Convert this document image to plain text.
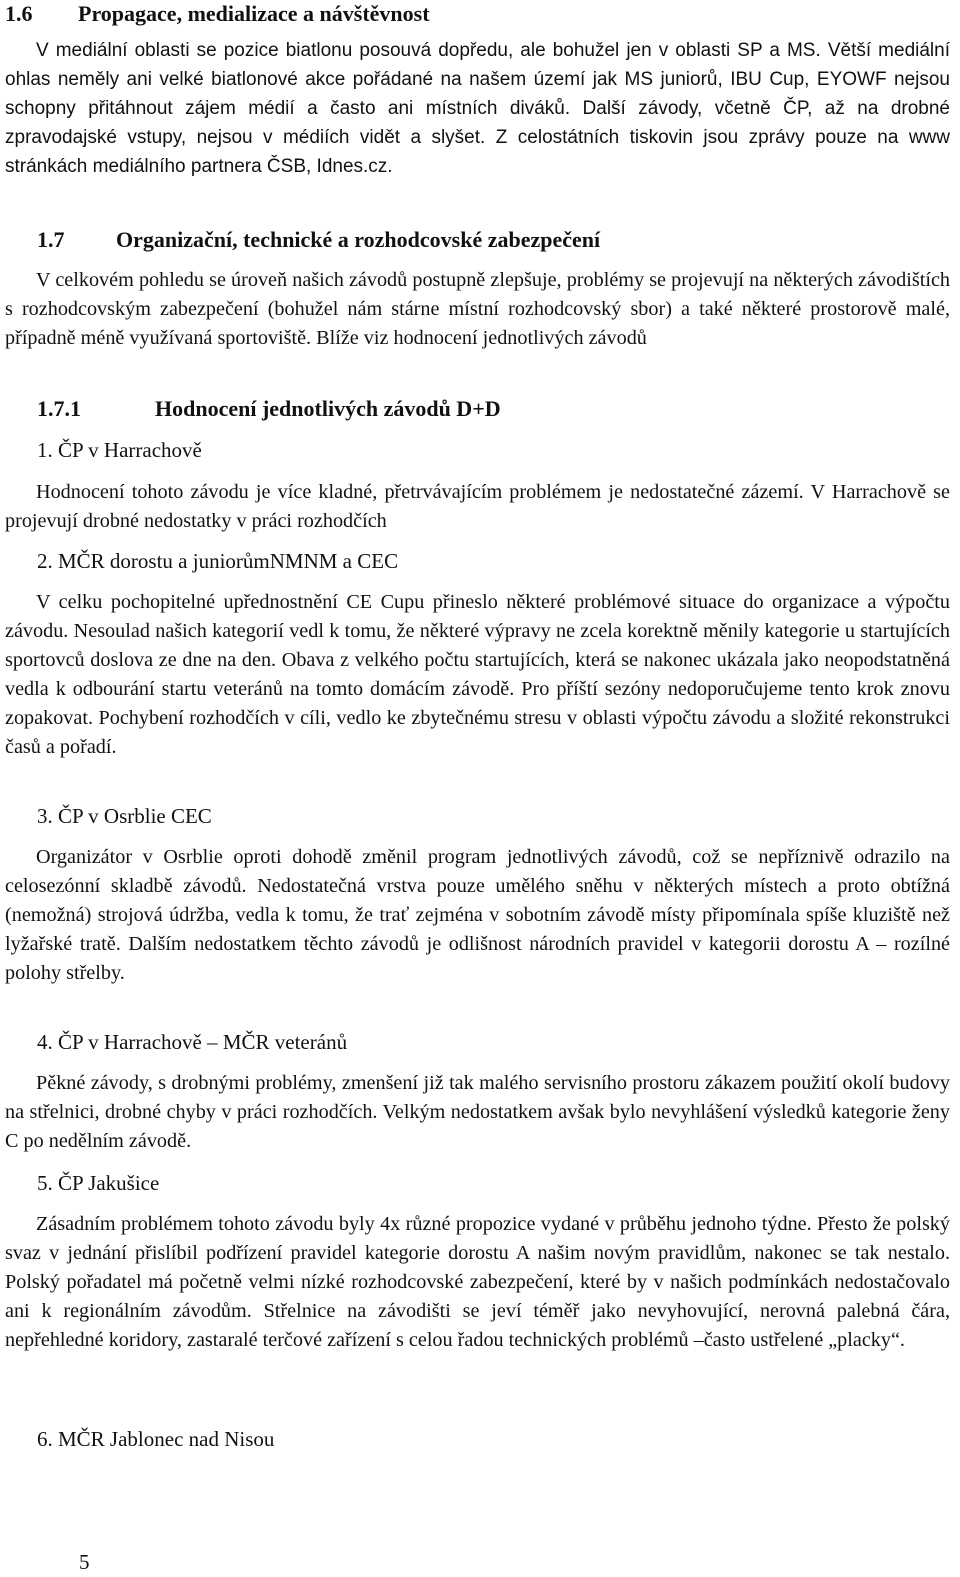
1.6 Propagace, medializace a návštěvnost

V mediální oblasti se pozice biatlonu posouvá dopředu, ale bohužel jen v oblasti SP a MS. Větší mediální ohlas neměly ani velké biatlonové akce pořádané na našem území jak MS juniorů, IBU Cup, EYOWF nejsou schopny přitáhnout zájem médií a často ani místních diváků. Další závody, včetně ČP, až na drobné zpravodajské vstupy, nejsou v médiích vidět a slyšet. Z celostátních tiskovin jsou zprávy pouze na www stránkách mediálního partnera ČSB, Idnes.cz.

1.7 Organizační, technické a rozhodcovské zabezpečení

V celkovém pohledu se úroveň našich závodů postupně zlepšuje, problémy se projevují na některých závodištích s rozhodcovským zabezpečení (bohužel nám stárne místní rozhodcovský sbor) a také některé prostorově malé, případně méně využívaná sportoviště. Blíže viz hodnocení jednotlivých závodů

1.7.1	Hodnocení jednotlivých závodů D+D
1. ČP v Harrachově

Hodnocení tohoto závodu je více kladné, přetrvávajícím problémem je nedostatečné zázemí. V Harrachově se projevují drobné nedostatky v práci rozhodčích

2. MČR dorostu a juniorůmNMNM a CEC

V celku pochopitelné upřednostnění CE Cupu přineslo některé problémové situace do organizace a výpočtu závodu. Nesoulad našich kategorií vedl k tomu, že některé výpravy ne zcela korektně měnily kategorie u startujících sportovců doslova ze dne na den. Obava z velkého počtu startujících, která se nakonec ukázala jako neopodstatněná vedla k odbourání startu veteránů na tomto domácím závodě. Pro příští sezóny nedoporučujeme tento krok znovu zopakovat. Pochybení rozhodčích v cíli, vedlo ke zbytečnému stresu v oblasti výpočtu závodu a složité rekonstrukci časů a pořadí.

3. ČP v Osrblie CEC

Organizátor v Osrblie oproti dohodě změnil program jednotlivých závodů, což se nepříznivě odrazilo na celosezónní skladbě závodů. Nedostatečná vrstva pouze umělého sněhu v některých místech a proto obtížná (nemožná) strojová údržba, vedla k tomu, že trať zejména v sobotním závodě místy připomínala spíše kluziště než lyžařské tratě. Dalším nedostatkem těchto závodů je odlišnost národních pravidel v kategorii dorostu A – rozílné polohy střelby.

4. ČP v Harrachově – MČR veteránů

Pěkné závody, s drobnými problémy, zmenšení již tak malého servisního prostoru zákazem použití okolí budovy na střelnici, drobné chyby v práci rozhodčích. Velkým nedostatkem avšak bylo nevyhlášení výsledků kategorie ženy C po nedělním závodě.

5. ČP Jakušice

Zásadním problémem tohoto závodu byly 4x různé propozice vydané v průběhu jednoho týdne. Přesto že polský svaz v jednání přislíbil podřízení pravidel kategorie dorostu A našim novým pravidlům, nakonec se tak nestalo. Polský pořadatel má početně velmi nízké rozhodcovské zabezpečení, které by v našich podmínkách nedostačovalo ani k regionálním závodům. Střelnice na závodišti se jeví téměř jako nevyhovující, nerovná palebná čára, nepřehledné koridory, zastaralé terčové zařízení s celou řadou technických problémů –často ustřelené „placky“.

6. MČR Jablonec nad Nisou
5
